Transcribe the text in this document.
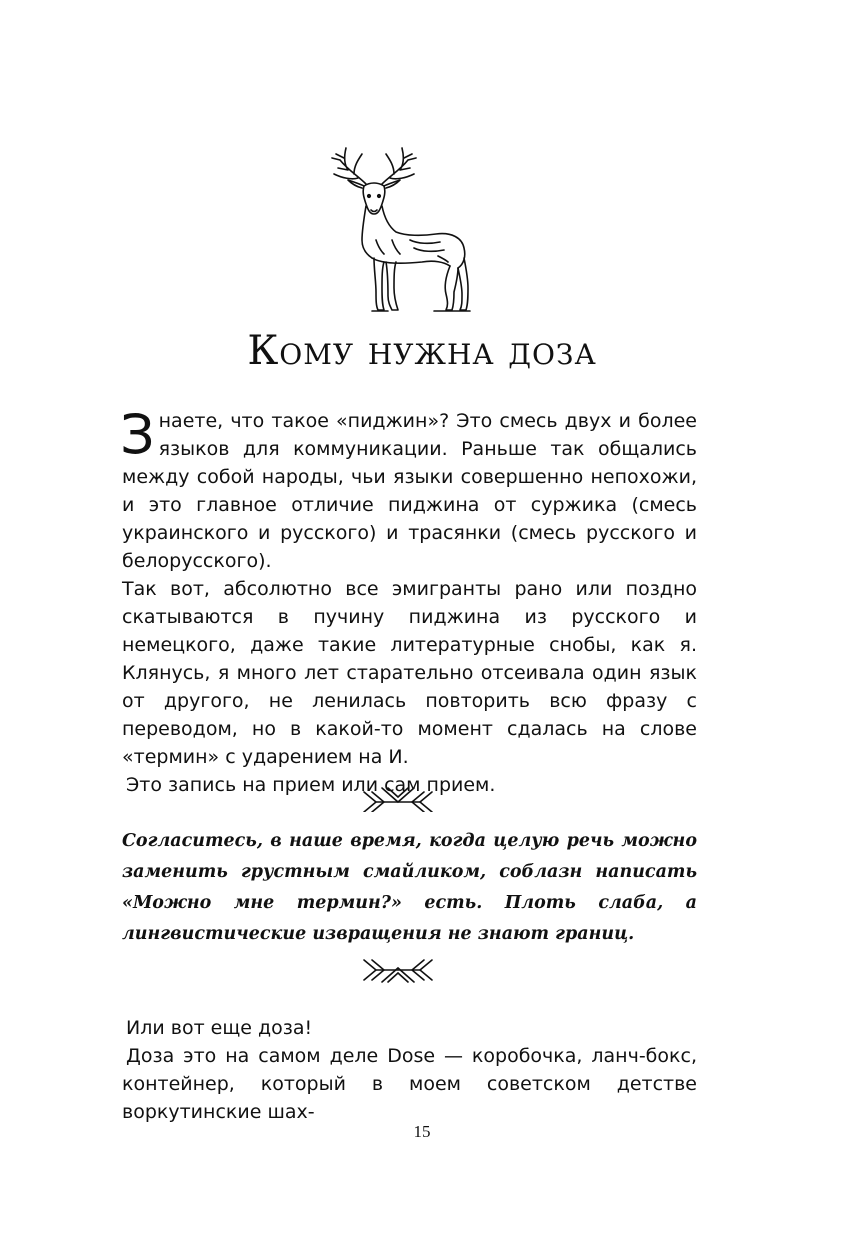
Кому нужна доза

Знаете, что такое «пиджин»? Это смесь двух и более языков для коммуникации. Раньше так общались между собой народы, чьи языки совершенно непохожи, и это главное отличие пиджина от суржика (смесь украинского и русского) и трасянки (смесь русского и белорусского).

Так вот, абсолютно все эмигранты рано или поздно скатываются в пучину пиджина из русского и немецкого, даже такие литературные снобы, как я. Клянусь, я много лет старательно отсеивала один язык от другого, не ленилась повторить всю фразу с переводом, но в какой-то момент сдалась на слове «термин» с ударением на И.

Это запись на прием или сам прием.

Согласитесь, в наше время, когда целую речь можно заменить грустным смайликом, соблазн написать «Можно мне термин?» есть. Плоть слаба, а лингвистические извращения не знают границ.

Или вот еще доза!

Доза это на самом деле Dose — коробочка, ланч-бокс, контейнер, который в моем советском детстве воркутинские шах-

15
